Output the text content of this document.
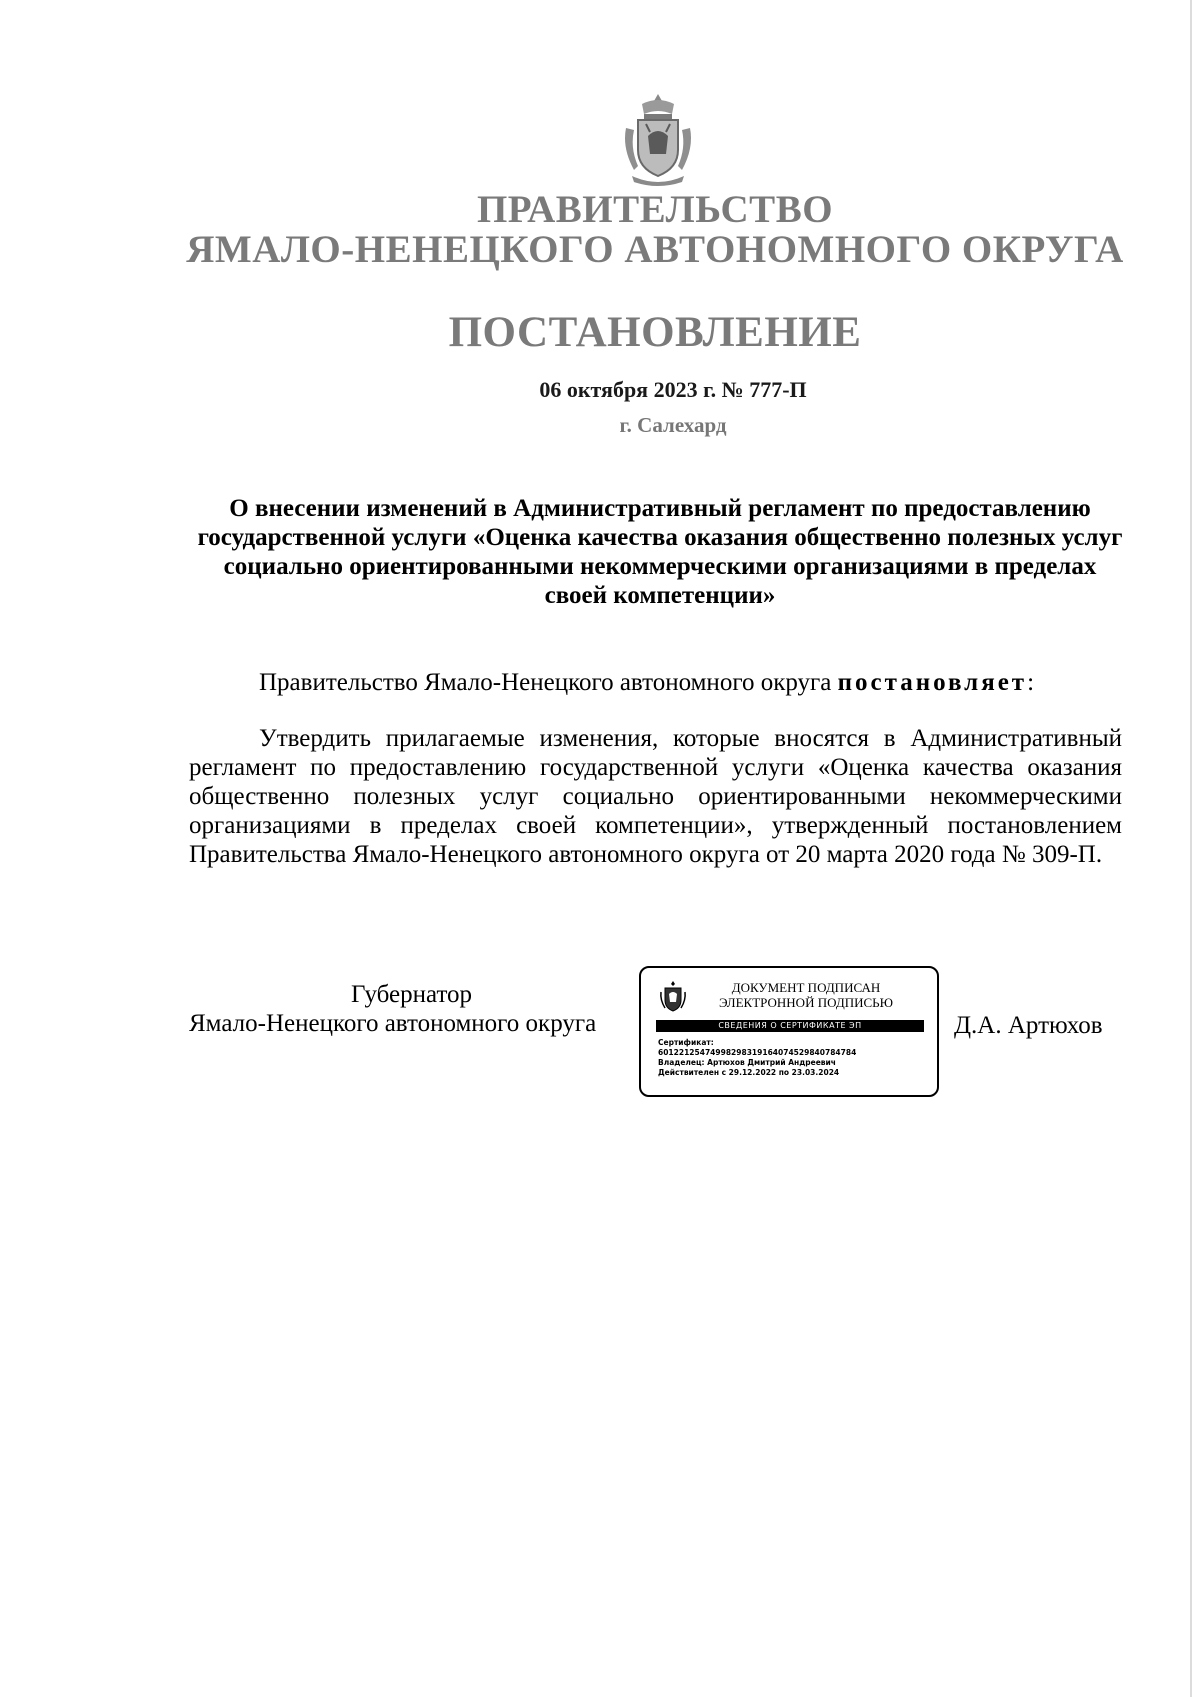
ПРАВИТЕЛЬСТВО
ЯМАЛО-НЕНЕЦКОГО АВТОНОМНОГО ОКРУГА
ПОСТАНОВЛЕНИЕ
06 октября 2023 г. № 777-П
г. Салехард
О внесении изменений в Административный регламент по предоставлению государственной услуги «Оценка качества оказания общественно полезных услуг социально ориентированными некоммерческими организациями в пределах своей компетенции»
Правительство Ямало-Ненецкого автономного округа постановляет:
Утвердить прилагаемые изменения, которые вносятся в Административный регламент по предоставлению государственной услуги «Оценка качества оказания общественно полезных услуг социально ориентированными некоммерческими организациями в пределах своей компетенции», утвержденный постановлением Правительства Ямало-Ненецкого автономного округа от 20 марта 2020 года № 309-П.
Губернатор
Ямало-Ненецкого автономного округа
ДОКУМЕНТ ПОДПИСАН
ЭЛЕКТРОННОЙ ПОДПИСЬЮ
СВЕДЕНИЯ О СЕРТИФИКАТЕ ЭП
Сертификат:
601221254749982983191640745298407847​84
Владелец: Артюхов Дмитрий Андреевич
Действителен с 29.12.2022 по 23.03.2024
Д.А. Артюхов
